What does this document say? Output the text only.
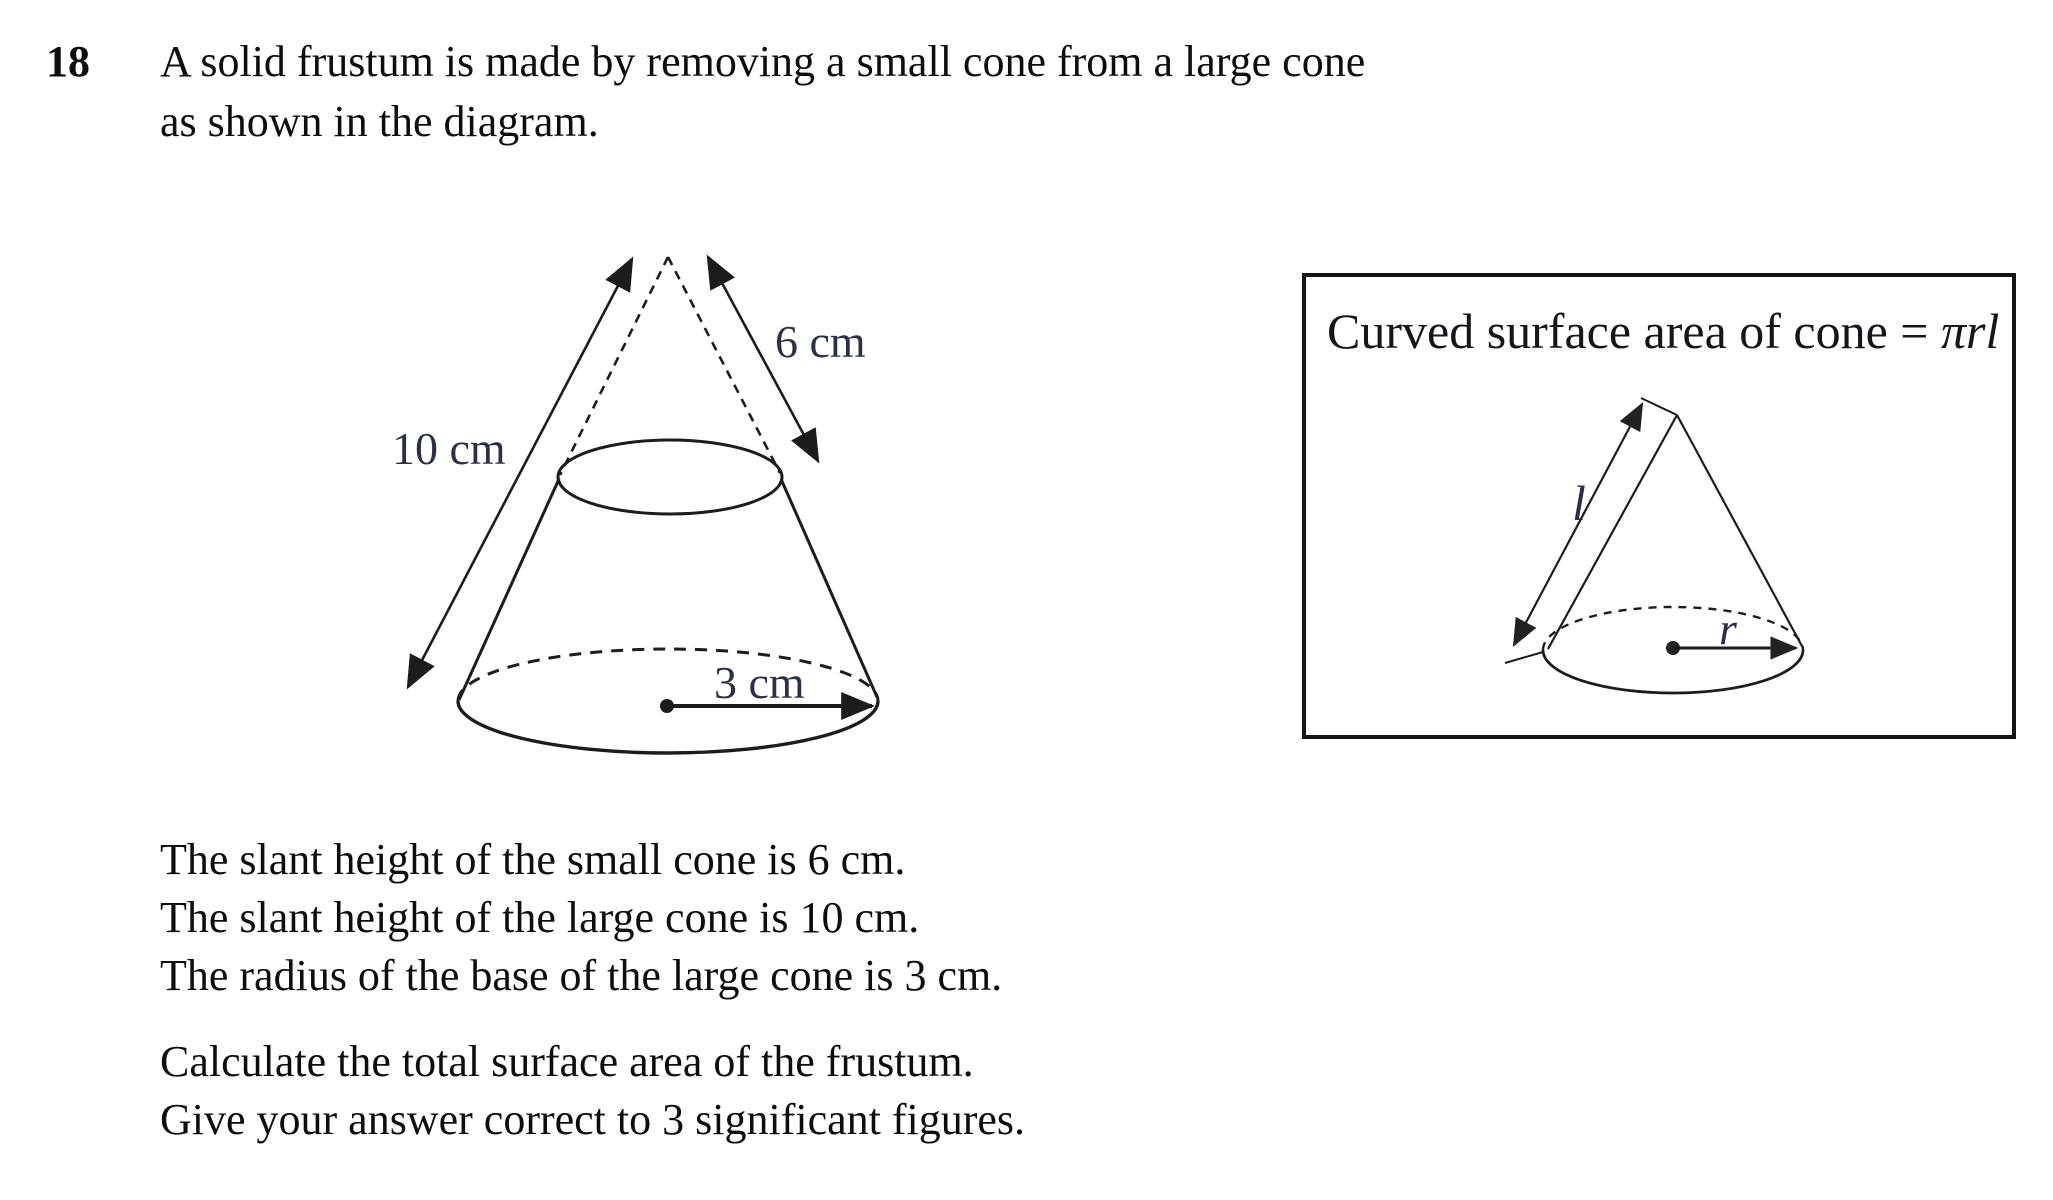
18 A solid frustum is made by removing a small cone from a large cone
as shown in the diagram.
10 cm
6 cm
3 cm
Curved surface area of cone = πrl
l
r
The slant height of the small cone is 6 cm.
The slant height of the large cone is 10 cm.
The radius of the base of the large cone is 3 cm.
Calculate the total surface area of the frustum.
Give your answer correct to 3 significant figures.
